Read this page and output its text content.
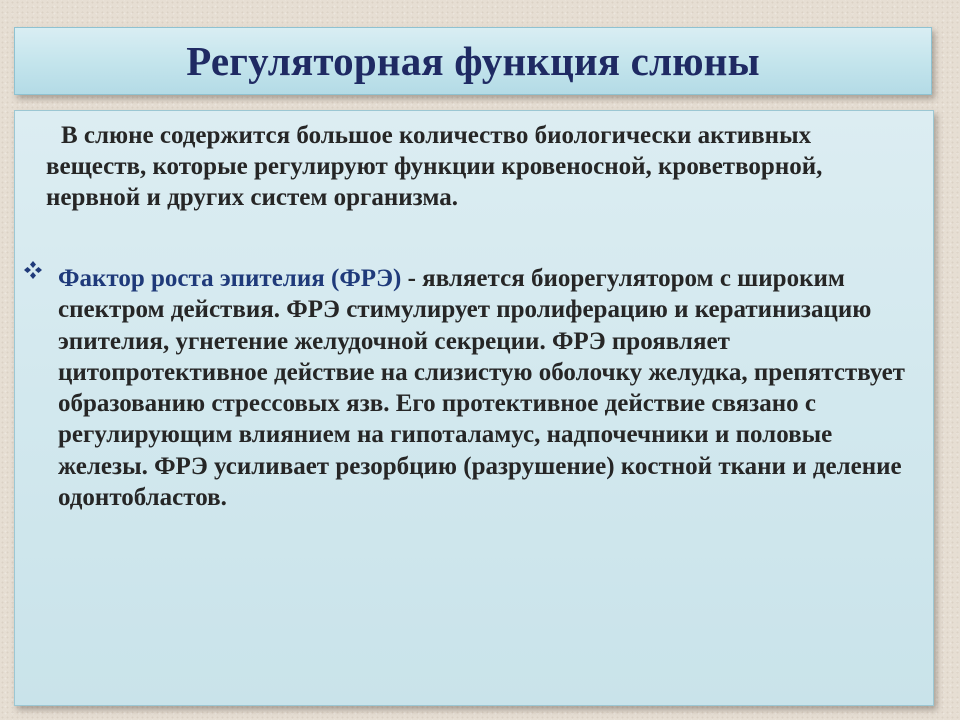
Регуляторная функция слюны

В слюне содержится большое количество биологически активных веществ, которые регулируют функции кровеносной, кроветворной, нервной и других систем организма.

Фактор роста эпителия (ФРЭ) - является биорегулятором с широким спектром действия. ФРЭ стимулирует пролиферацию и кератинизацию эпителия, угнетение желудочной секреции. ФРЭ проявляет цитопротективное действие на слизистую оболочку желудка, препятствует образованию стрессовых язв. Его протективное действие связано с регулирующим влиянием на гипоталамус, надпочечники и половые железы. ФРЭ усиливает резорбцию (разрушение) костной ткани и деление одонтобластов.
